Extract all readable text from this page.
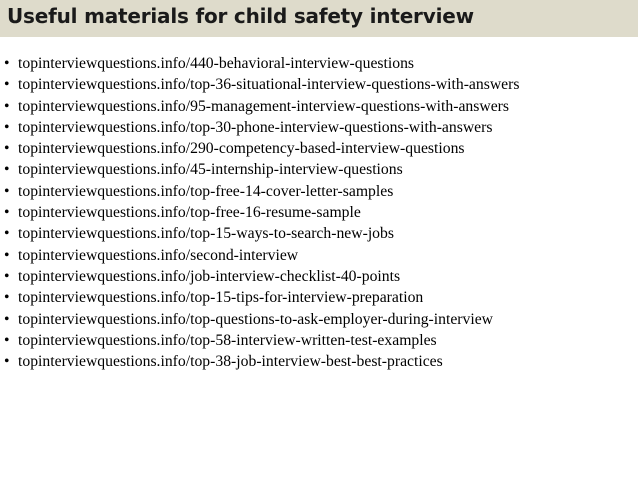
Useful materials for child safety interview
• topinterviewquestions.info/440-behavioral-interview-questions
• topinterviewquestions.info/top-36-situational-interview-questions-with-answers
• topinterviewquestions.info/95-management-interview-questions-with-answers
• topinterviewquestions.info/top-30-phone-interview-questions-with-answers
• topinterviewquestions.info/290-competency-based-interview-questions
• topinterviewquestions.info/45-internship-interview-questions
• topinterviewquestions.info/top-free-14-cover-letter-samples
• topinterviewquestions.info/top-free-16-resume-sample
• topinterviewquestions.info/top-15-ways-to-search-new-jobs
• topinterviewquestions.info/second-interview
• topinterviewquestions.info/job-interview-checklist-40-points
• topinterviewquestions.info/top-15-tips-for-interview-preparation
• topinterviewquestions.info/top-questions-to-ask-employer-during-interview
• topinterviewquestions.info/top-58-interview-written-test-examples
• topinterviewquestions.info/top-38-job-interview-best-best-practices
